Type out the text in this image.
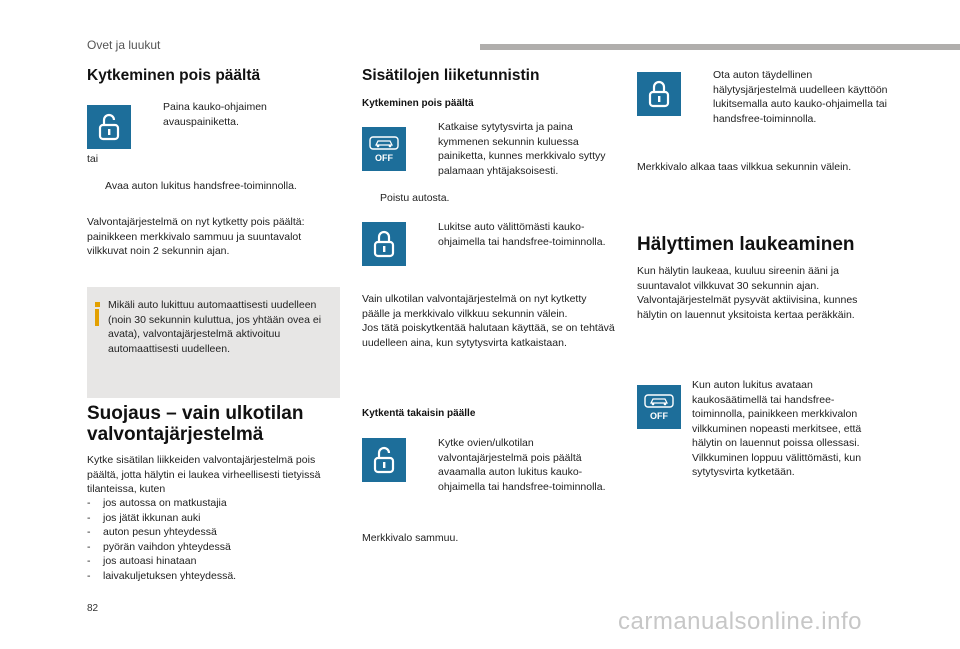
Ovet ja luukut
Kytkeminen pois päältä
Paina kauko-ohjaimen avauspainiketta.

tai

Avaa auton lukitus handsfree-toiminnolla.

Valvontajärjestelmä on nyt kytketty pois päältä: painikkeen merkkivalo sammuu ja suuntavalot vilkkuvat noin 2 sekunnin ajan.

Mikäli auto lukittuu automaattisesti uudelleen (noin 30 sekunnin kuluttua, jos yhtään ovea ei avata), valvontajärjestelmä aktivoituu automaattisesti uudelleen.

Suojaus – vain ulkotilan valvontajärjestelmä

Kytke sisätilan liikkeiden valvontajärjestelmä pois päältä, jotta hälytin ei laukea virheellisesti tietyissä tilanteissa, kuten

- jos autossa on matkustajia
- jos jätät ikkunan auki
- auton pesun yhteydessä
- pyörän vaihdon yhteydessä
- jos autoasi hinataan
- laivakuljetuksen yhteydessä.
Sisätilojen liiketunnistin
Kytkeminen pois päältä
OFF
Katkaise sytytysvirta ja paina kymmenen sekunnin kuluessa painiketta, kunnes merkkivalo syttyy palamaan yhtäjaksoisesti.
Poistu autosta.
Lukitse auto välittömästi kauko-ohjaimella tai handsfree-toiminnolla.

Vain ulkotilan valvontajärjestelmä on nyt kytketty päälle ja merkkivalo vilkkuu sekunnin välein.

Jos tätä poiskytkentää halutaan käyttää, se on tehtävä uudelleen aina, kun sytytysvirta katkaistaan.

Kytkentä takaisin päälle
Kytke ovien/ulkotilan valvontajärjestelmä pois päältä avaamalla auton lukitus kauko-ohjaimella tai handsfree-toiminnolla.

Merkkivalo sammuu.

Ota auton täydellinen hälytysjärjestelmä uudelleen käyttöön lukitsemalla auto kauko-ohjaimella tai handsfree-toiminnolla.

Merkkivalo alkaa taas vilkkua sekunnin välein.

Hälyttimen laukeaminen

Kun hälytin laukeaa, kuuluu sireenin ääni ja suuntavalot vilkkuvat 30 sekunnin ajan. Valvontajärjestelmät pysyvät aktiivisina, kunnes hälytin on lauennut yksitoista kertaa peräkkäin.

OFF

Kun auton lukitus avataan kaukosäätimellä tai handsfree-toiminnolla, painikkeen merkkivalon vilkkuminen nopeasti merkitsee, että hälytin on lauennut poissa ollessasi. Vilkkuminen loppuu välittömästi, kun sytytysvirta kytketään.

82	carmanualsonline.info
